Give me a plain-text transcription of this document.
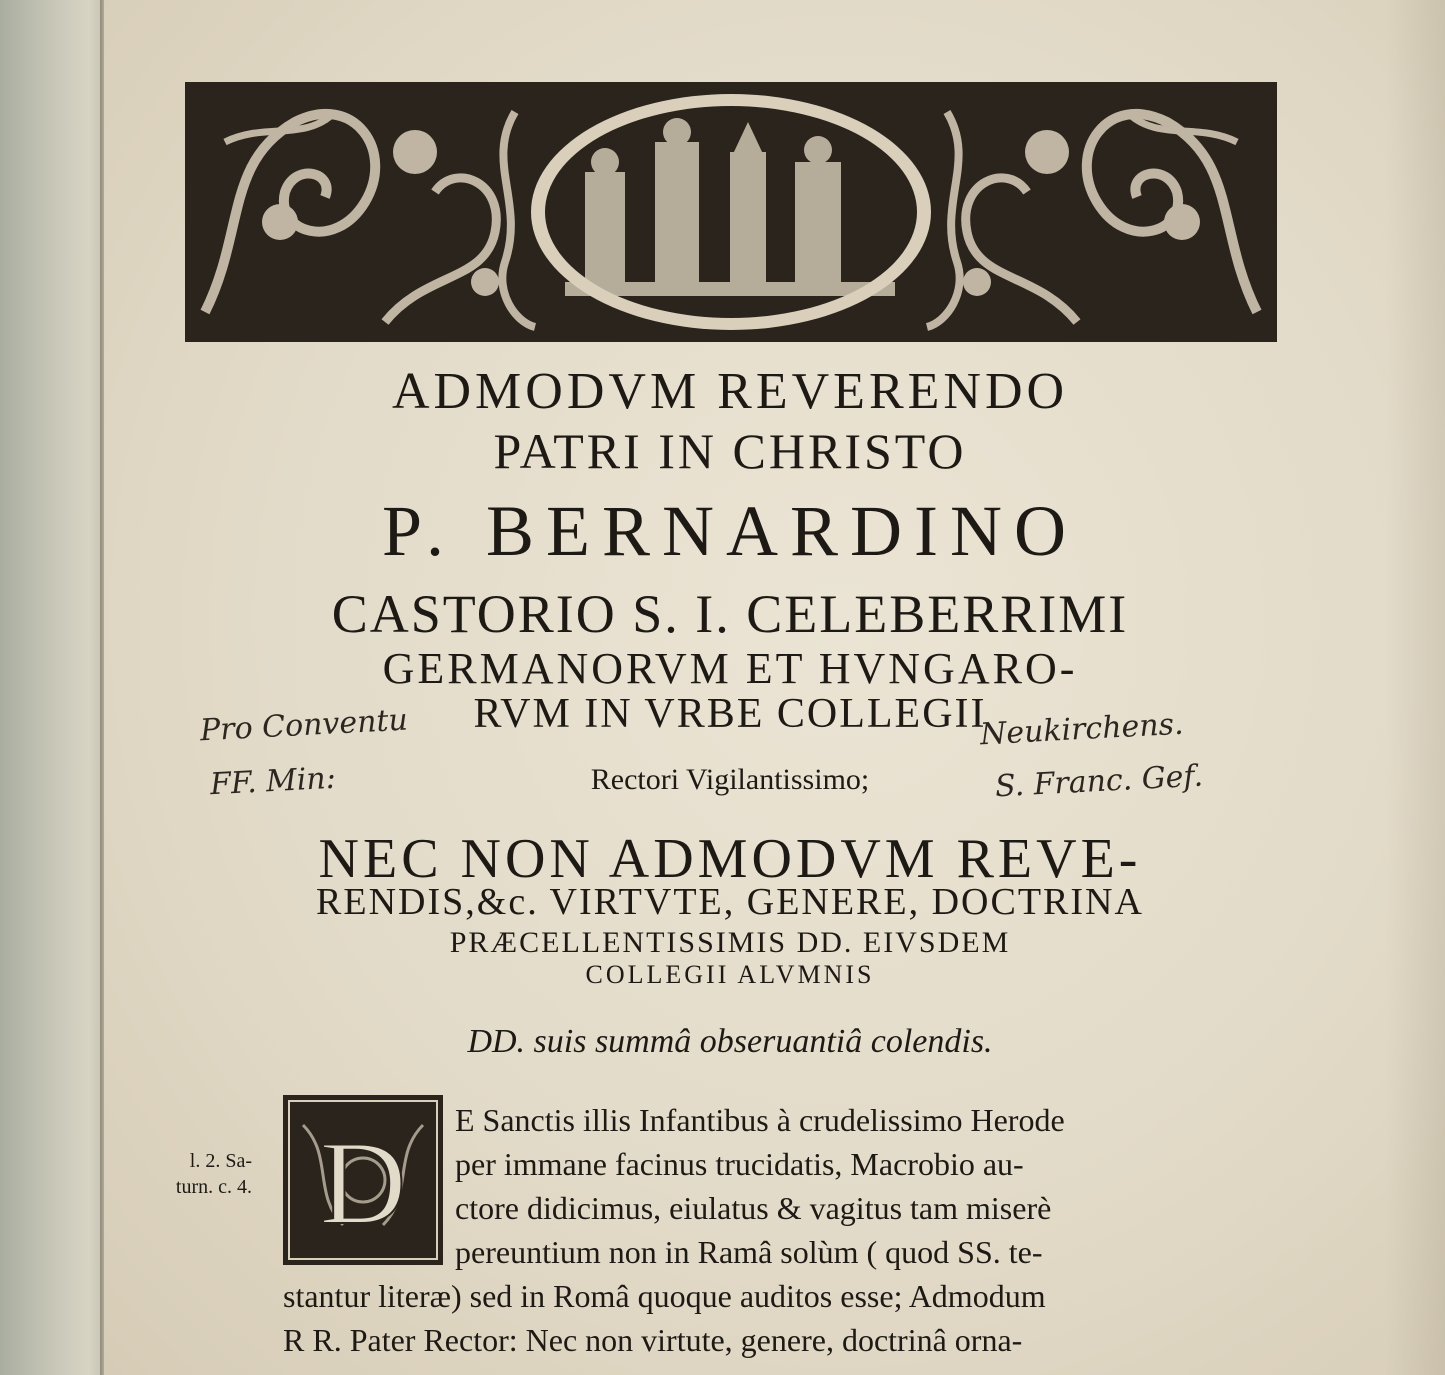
ADMODVM REVERENDO
PATRI IN CHRISTO
P. BERNARDINO
CASTORIO S. I. CELEBERRIMI
GERMANORVM ET HVNGARO-
RVM IN VRBE COLLEGII
Rectori Vigilantissimo;
NEC NON ADMODVM REVE-
RENDIS,&c. VIRTVTE, GENERE, DOCTRINA
PRÆCELLENTISSIMIS DD. EIVSDEM
COLLEGII ALVMNIS
DD. suis summâ obseruantiâ colendis.
Pro Conventu
FF. Min:
Neukirchens.
S. Franc. Gef.
D
l. 2. Sa-
turn. c. 4.
E Sanctis illis Infantibus à crudelissimo Herode
per immane facinus trucidatis, Macrobio au-
ctore didicimus, eiulatus & vagitus tam miserè
pereuntium non in Ramâ solùm ( quod SS. te-
stantur literæ) sed in Româ quoque auditos esse; Admodum
R R. Pater Rector: Nec non virtute, genere, doctrinâ orna-
